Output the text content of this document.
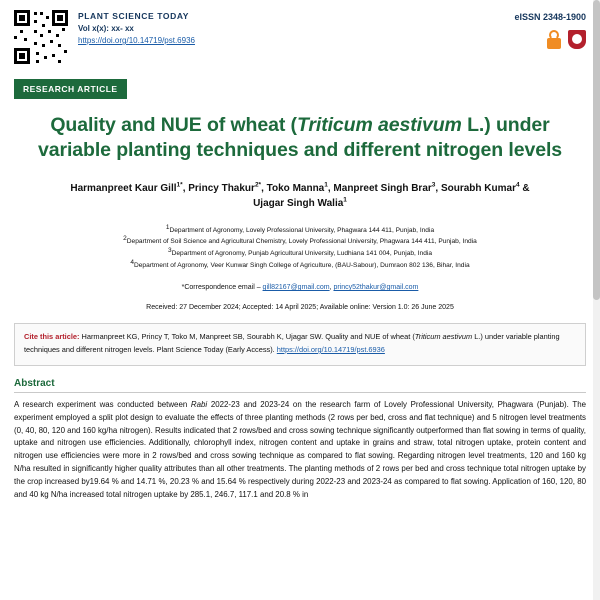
PLANT SCIENCE TODAY
Vol x(x): xx- xx
https://doi.org/10.14719/pst.6936
eISSN 2348-1900
RESEARCH ARTICLE
Quality and NUE of wheat (Triticum aestivum L.) under variable planting techniques and different nitrogen levels
Harmanpreet Kaur Gill$^{1*}$, Princy Thakur$^{2*}$, Toko Manna$^1$, Manpreet Singh Brar$^3$, Sourabh Kumar$^4$ &
Ujagar Singh Walia$^1$
$^1$Department of Agronomy, Lovely Professional University, Phagwara 144 411, Punjab, India
$^2$Department of Soil Science and Agricultural Chemistry, Lovely Professional University, Phagwara 144 411, Punjab, India
$^3$Department of Agronomy, Punjab Agricultural University, Ludhiana 141 004, Punjab, India
$^4$Department of Agronomy, Veer Kunwar Singh College of Agriculture, (BAU-Sabour), Dumraon 802 136, Bihar, India
*Correspondence email – gill82167@gmail.com, princy52thakur@gmail.com
Received: 27 December 2024; Accepted: 14 April 2025; Available online: Version 1.0: 26 June 2025
Cite this article: Harmanpreet KG, Princy T, Toko M, Manpreet SB, Sourabh K, Ujagar SW. Quality and NUE of wheat (Triticum aestivum L.) under variable planting techniques and different nitrogen levels. Plant Science Today (Early Access). https://doi.org/10.14719/pst.6936
Abstract
A research experiment was conducted between Rabi 2022-23 and 2023-24 on the research farm of Lovely Professional University, Phagwara (Punjab). The experiment employed a split plot design to evaluate the effects of three planting methods (2 rows per bed, cross and flat technique) and 5 nitrogen level treatments (0, 40, 80, 120 and 160 kg/ha nitrogen). Results indicated that 2 rows/bed and cross sowing technique significantly outperformed than flat sowing in terms of quality, uptake and nitrogen use efficiencies. Additionally, chlorophyll index, nitrogen content and uptake in grains and straw, total nitrogen uptake, protein content and nitrogen use efficiencies were more in 2 rows/bed and cross sowing technique as compared to flat sowing. Regarding nitrogen level treatments, 120 and 160 kg N/ha resulted in significantly higher quality attributes than all other treatments. The planting methods of 2 rows per bed and cross technique total nitrogen uptake by the crop increased by19.64 % and 14.71 %, 20.23 % and 15.64 % respectively during 2022-23 and 2023-24 as compared to flat sowing. Application of 160, 120, 80 and 40 kg N/ha increased total nitrogen uptake by 285.1, 246.7, 117.1 and 20.8 % in
